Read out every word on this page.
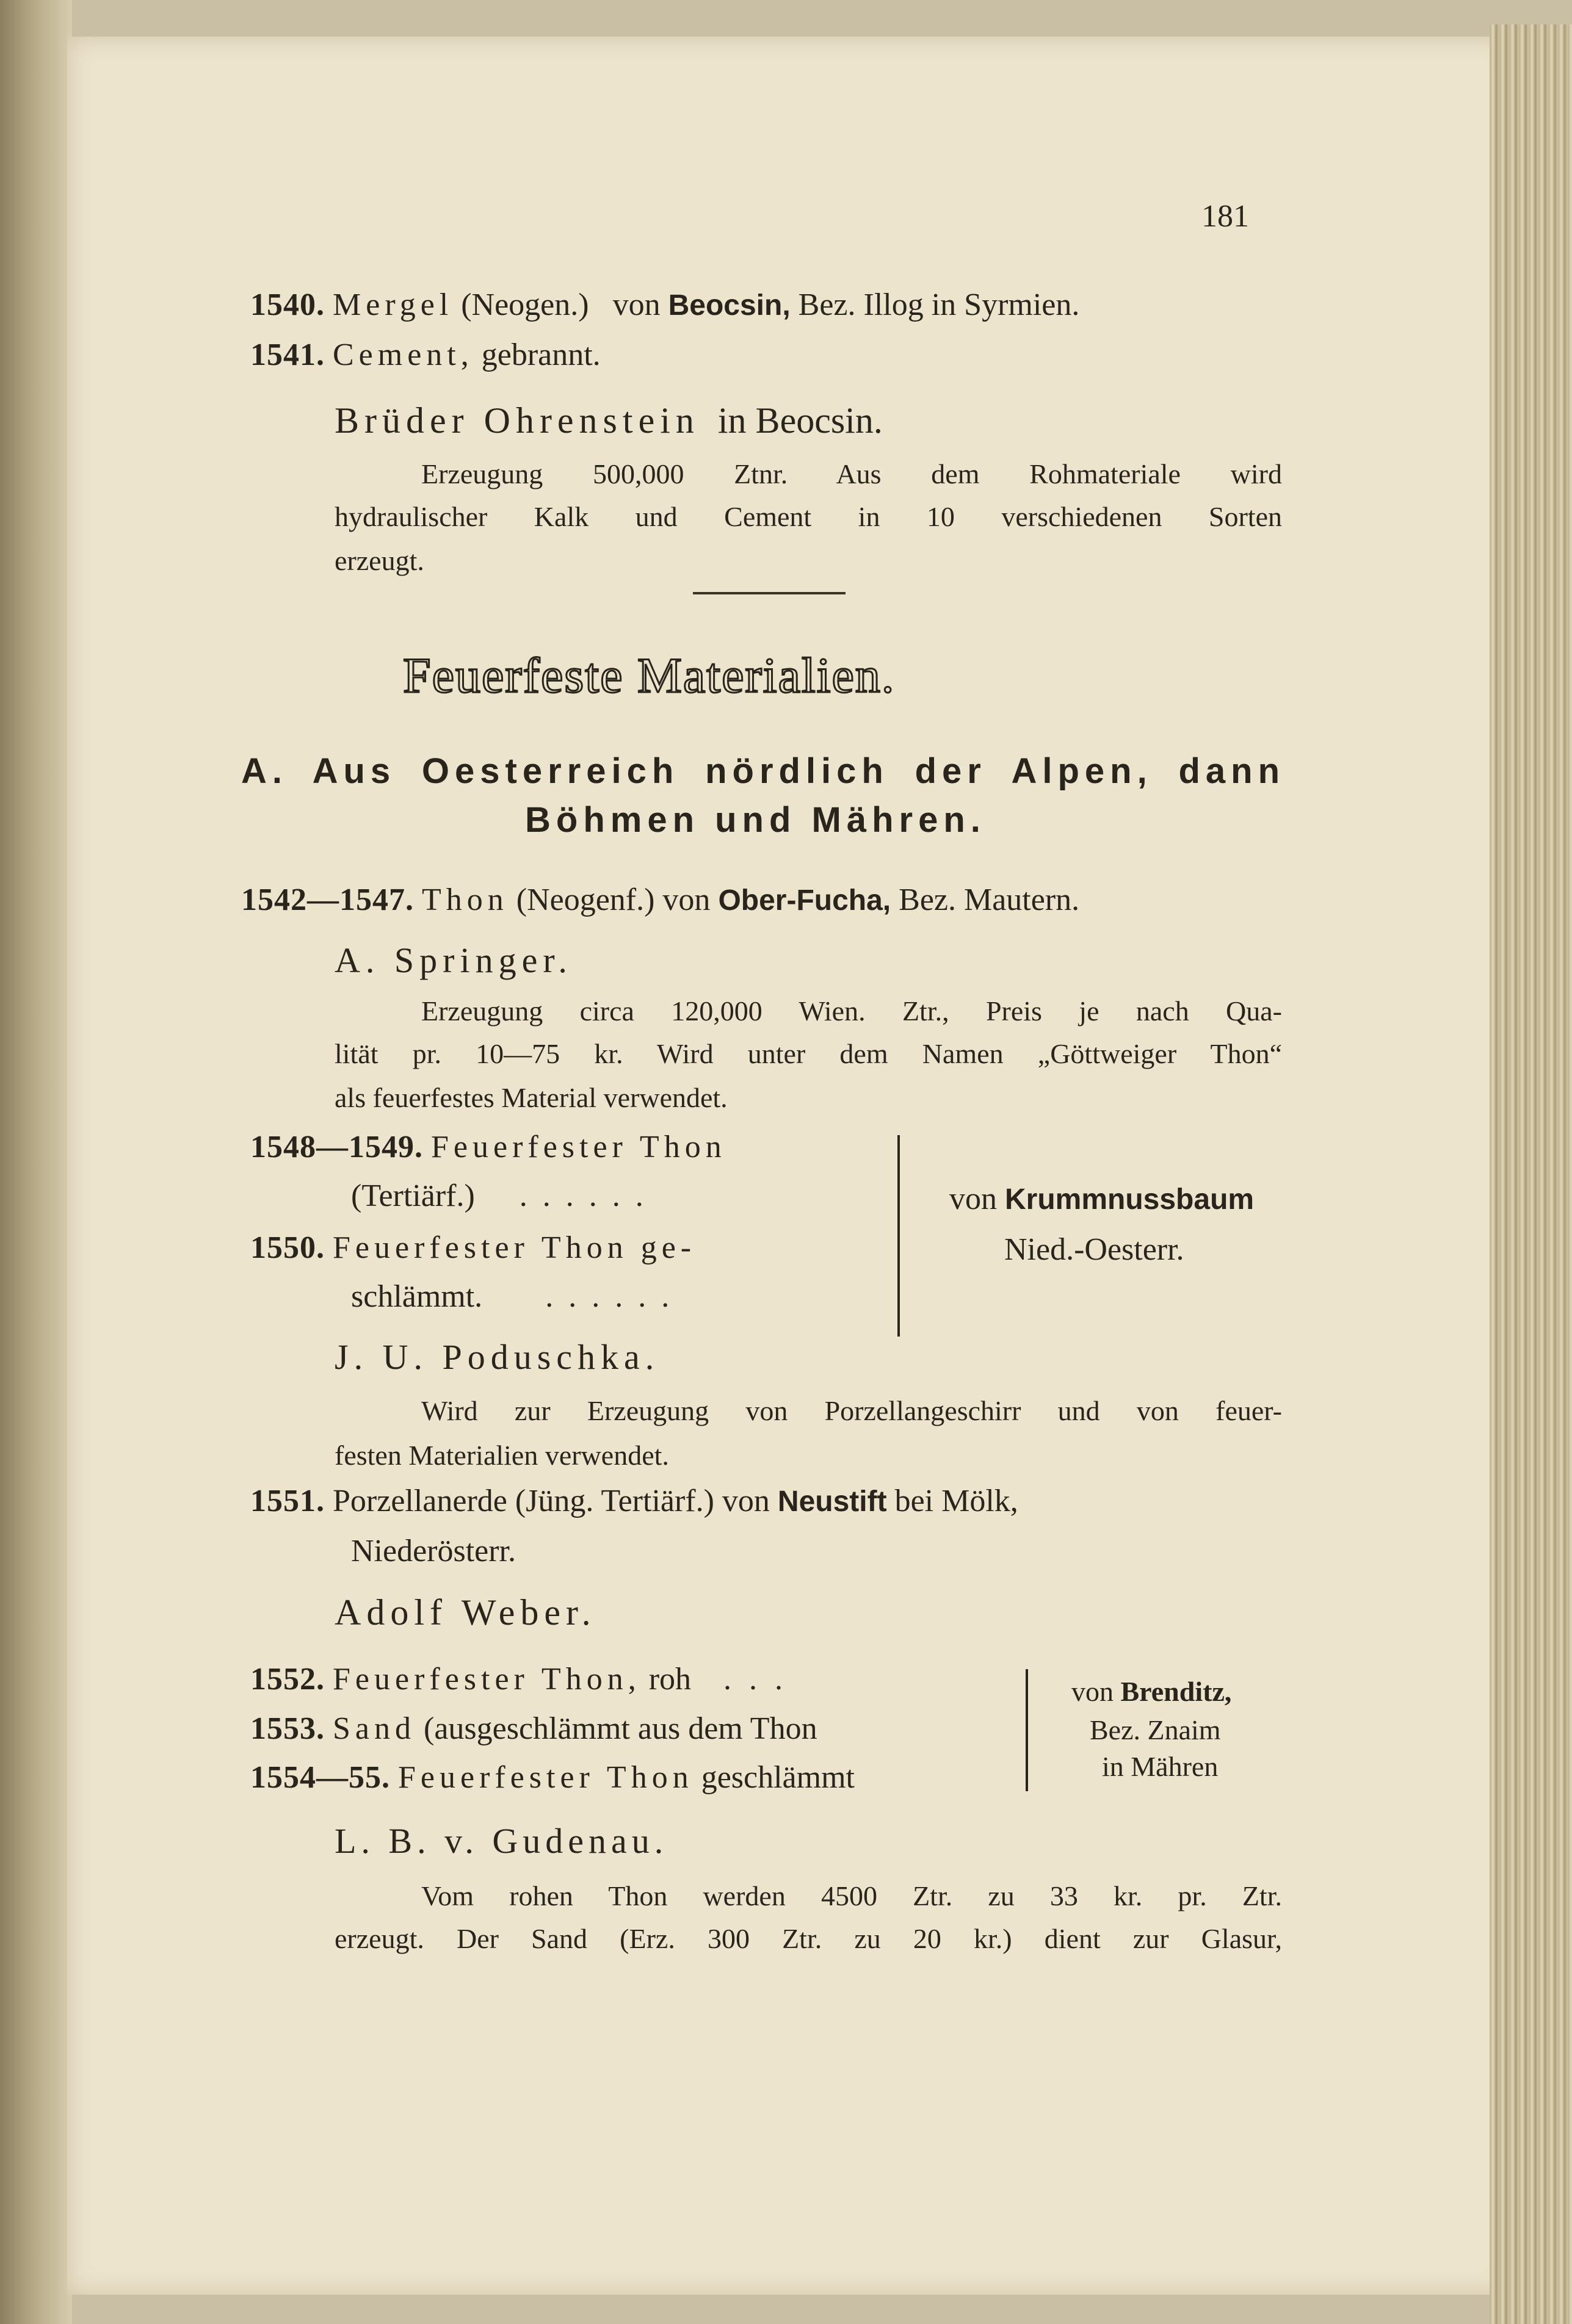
181
1540. Mergel (Neogen.) von Beocsin, Bez. Illog in Syrmien.
1541. Cement, gebrannt.
Brüder Ohrenstein in Beocsin.
Erzeugung 500,000 Ztnr. Aus dem Rohmateriale wird
hydraulischer Kalk und Cement in 10 verschiedenen Sorten
erzeugt.
Feuerfeste Materialien.
A. Aus Oesterreich nördlich der Alpen, dann
Böhmen und Mähren.
1542—1547. Thon (Neogenf.) von Ober-Fucha, Bez. Mautern.
A. Springer.
Erzeugung circa 120,000 Wien. Ztr., Preis je nach Qua-
lität pr. 10—75 kr. Wird unter dem Namen „Göttweiger Thon“
als feuerfestes Material verwendet.
1548—1549. Feuerfester Thon
(Tertiärf.) . . . . . .
1550. Feuerfester Thon ge-
schlämmt. . . . . . .
von Krummnussbaum
Nied.-Oesterr.
J. U. Poduschka.
Wird zur Erzeugung von Porzellangeschirr und von feuer-
festen Materialien verwendet.
1551. Porzellanerde (Jüng. Tertiärf.) von Neustift bei Mölk,
Niederösterr.
Adolf Weber.
1552. Feuerfester Thon, roh . . .
1553. Sand (ausgeschlämmt aus dem Thon
1554—55. Feuerfester Thon geschlämmt
von Brenditz,
Bez. Znaim
in Mähren
L. B. v. Gudenau.
Vom rohen Thon werden 4500 Ztr. zu 33 kr. pr. Ztr.
erzeugt. Der Sand (Erz. 300 Ztr. zu 20 kr.) dient zur Glasur,
